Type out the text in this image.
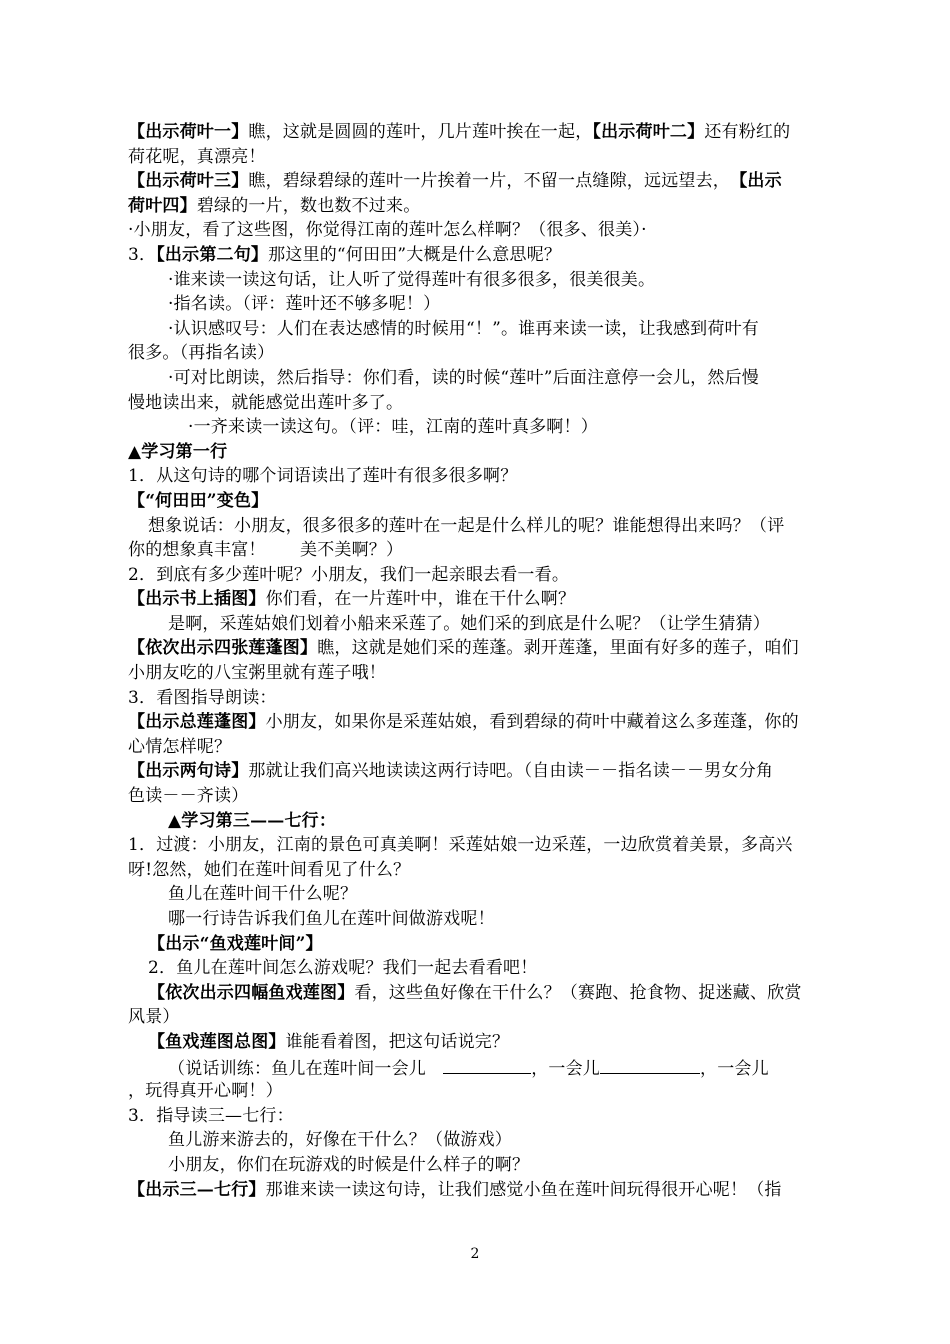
【出示荷叶一】瞧，这就是圆圆的莲叶，几片莲叶挨在一起，【出示荷叶二】还有粉红的
荷花呢，真漂亮！
【出示荷叶三】瞧，碧绿碧绿的莲叶一片挨着一片，不留一点缝隙，远远望去，　【出示
荷叶四】碧绿的一片，数也数不过来。
·小朋友，看了这些图，你觉得江南的莲叶怎么样啊？（很多、很美）·
3．【出示第二句】那这里的“何田田”大概是什么意思呢？
·谁来读一读这句话，让人听了觉得莲叶有很多很多，很美很美。
·指名读。（评：莲叶还不够多呢！）
·认识感叹号：人们在表达感情的时候用“！”。谁再来读一读，让我感到荷叶有
很多。（再指名读）
·可对比朗读，然后指导：你们看，读的时候“莲叶”后面注意停一会儿，然后慢
慢地读出来，就能感觉出莲叶多了。
·一齐来读一读这句。（评：哇，江南的莲叶真多啊！）
▲学习第一行
1．从这句诗的哪个词语读出了莲叶有很多很多啊？
【“何田田”变色】
想象说话：小朋友，很多很多的莲叶在一起是什么样儿的呢？谁能想得出来吗？（评
你的想象真丰富！　　美不美啊？）
2．到底有多少莲叶呢？小朋友，我们一起亲眼去看一看。
【出示书上插图】你们看，在一片莲叶中，谁在干什么啊？
是啊，采莲姑娘们划着小船来采莲了。她们采的到底是什么呢？（让学生猜猜）
【依次出示四张莲蓬图】瞧，这就是她们采的莲蓬。剥开莲蓬，里面有好多的莲子，咱们
小朋友吃的八宝粥里就有莲子哦！
3．看图指导朗读：
【出示总莲蓬图】小朋友，如果你是采莲姑娘，看到碧绿的荷叶中藏着这么多莲蓬，你的
心情怎样呢？
【出示两句诗】那就让我们高兴地读读这两行诗吧。（自由读－－指名读－－男女分角
色读－－齐读）
▲学习第三——七行：
1．过渡：小朋友，江南的景色可真美啊！采莲姑娘一边采莲，一边欣赏着美景，多高兴
呀!忽然，她们在莲叶间看见了什么？
鱼儿在莲叶间干什么呢？
哪一行诗告诉我们鱼儿在莲叶间做游戏呢！
【出示“鱼戏莲叶间”】
2．鱼儿在莲叶间怎么游戏呢？我们一起去看看吧！
【依次出示四幅鱼戏莲图】看，这些鱼好像在干什么？（赛跑、抢食物、捉迷藏、欣赏
风景）
【鱼戏莲图总图】谁能看着图，把这句话说完？
（说话训练：鱼儿在莲叶间一会儿　	，一会儿	，一会儿
，玩得真开心啊！）
3．指导读三—七行：
鱼儿游来游去的，好像在干什么？（做游戏）
小朋友，你们在玩游戏的时候是什么样子的啊？
【出示三—七行】那谁来读一读这句诗，让我们感觉小鱼在莲叶间玩得很开心呢！（指
2
